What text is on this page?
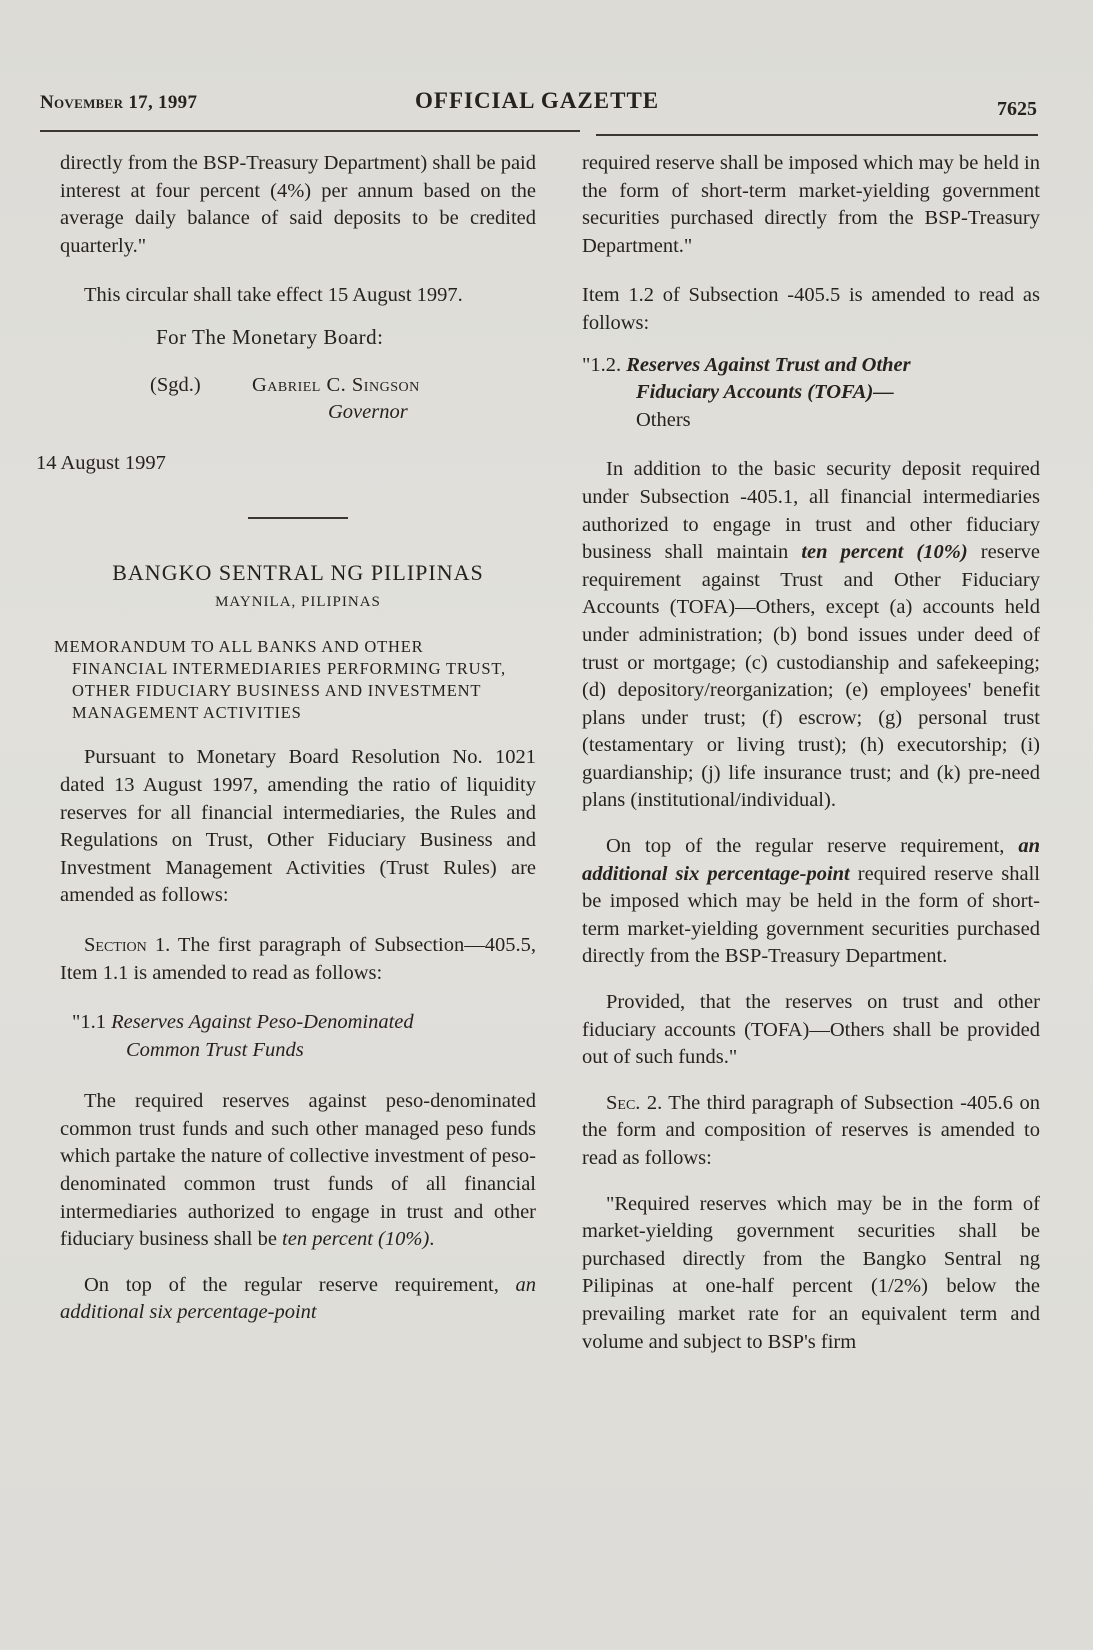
November 17, 1997	OFFICIAL GAZETTE	7625

directly from the BSP-Treasury Department) shall be paid interest at four percent (4%) per annum based on the average daily balance of said deposits to be credited quarterly."

This circular shall take effect 15 August 1997.

For The Monetary Board:

(Sgd.)	Gabriel C. Singson
Governor

14 August 1997

BANGKO SENTRAL NG PILIPINAS

MAYNILA, PILIPINAS

MEMORANDUM TO ALL BANKS AND OTHER
FINANCIAL INTERMEDIARIES PERFORMING TRUST, OTHER FIDUCIARY BUSINESS AND INVESTMENT MANAGEMENT ACTIVITIES

Pursuant to Monetary Board Resolution No. 1021 dated 13 August 1997, amending the ratio of liquidity reserves for all financial intermediaries, the Rules and Regulations on Trust, Other Fiduciary Business and Investment Management Activities (Trust Rules) are amended as follows:

Section 1. The first paragraph of Subsection—405.5, Item 1.1 is amended to read as follows:

"1.1 Reserves Against Peso-Denominated

Common Trust Funds

The required reserves against peso-denominated common trust funds and such other managed peso funds which partake the nature of collective investment of peso-denominated common trust funds of all financial intermediaries authorized to engage in trust and other fiduciary business shall be ten percent (10%).

On top of the regular reserve requirement, an additional six percentage-point

required reserve shall be imposed which may be held in the form of short-term market-yielding government securities purchased directly from the BSP-Treasury Department."

Item 1.2 of Subsection -405.5 is amended to read as follows:

"1.2. Reserves Against Trust and Other

Fiduciary Accounts (TOFA)—

Others

In addition to the basic security deposit required under Subsection -405.1, all financial intermediaries authorized to engage in trust and other fiduciary business shall maintain ten percent (10%) reserve requirement against Trust and Other Fiduciary Accounts (TOFA)—Others, except (a) accounts held under administration; (b) bond issues under deed of trust or mortgage; (c) custodianship and safekeeping; (d) depository/reorganization; (e) employees' benefit plans under trust; (f) escrow; (g) personal trust (testamentary or living trust); (h) executorship; (i) guardianship; (j) life insurance trust; and (k) pre-need plans (institutional/individual).

On top of the regular reserve requirement, an additional six percentage-point required reserve shall be imposed which may be held in the form of short-term market-yielding government securities purchased directly from the BSP-Treasury Department.

Provided, that the reserves on trust and other fiduciary accounts (TOFA)—Others shall be provided out of such funds."

Sec. 2. The third paragraph of Subsection -405.6 on the form and composition of reserves is amended to read as follows:

"Required reserves which may be in the form of market-yielding government securities shall be purchased directly from the Bangko Sentral ng Pilipinas at one-half percent (1/2%) below the prevailing market rate for an equivalent term and volume and subject to BSP's firm
